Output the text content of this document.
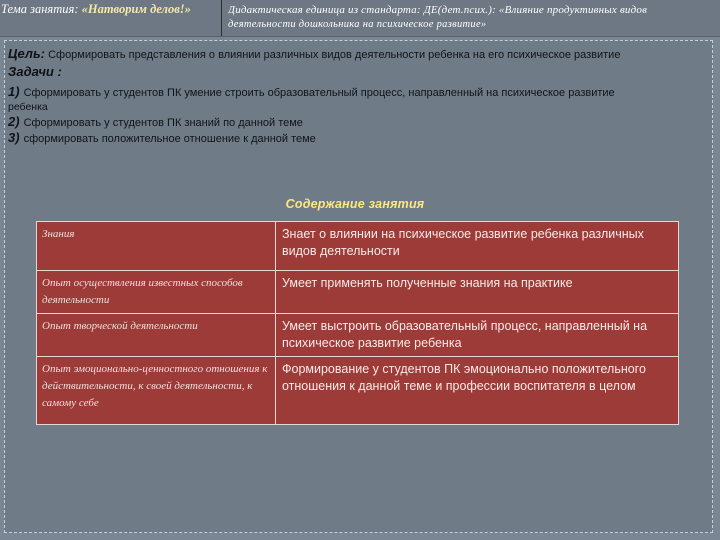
Тема занятия: «Натворим делов!»	Дидактическая единица из стандарта: ДЕ(дет.псих.): «Влияние продуктивных видов
деятельности дошкольника на психическое развитие»
Цель: Сформировать представления о влиянии различных видов деятельности ребенка на его психическое развитие
Задачи :
1) Сформировать у студентов ПК умение строить образовательный процесс, направленный на психическое развитие
ребенка
2) Сформировать у студентов ПК знаний по данной теме
3) сформировать положительное отношение к данной теме
Содержание занятия
Знания	Знает о влиянии на психическое развитие ребенка различных видов деятельности
Опыт осуществления известных способов деятельности	Умеет применять полученные знания на практике
Опыт творческой деятельности	Умеет выстроить образовательный процесс, направленный на психическое развитие ребенка
Опыт эмоционально-ценностного отношения к действительности, к своей деятельности, к самому себе	Формирование у студентов ПК эмоционально положительного отношения к данной теме и профессии воспитателя в целом
